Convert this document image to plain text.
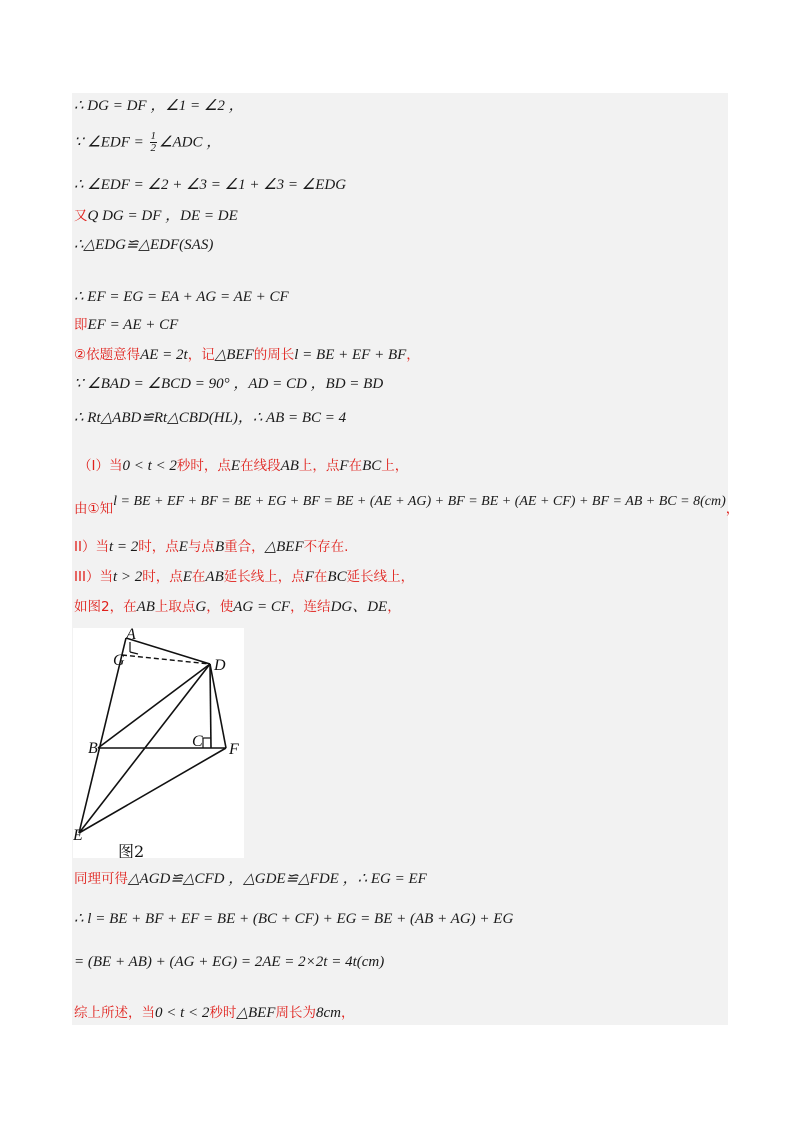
∴ DG = DF ，∠1 = ∠2 ，
∵ ∠EDF = $\frac{1}{2}$ ∠ADC ，
∴ ∠EDF = ∠2 + ∠3 = ∠1 + ∠3 = ∠EDG
又Q DG = DF ，DE = DE
∴△EDG≌△EDF(SAS)
∴ EF = EG = EA + AG = AE + CF
即EF = AE + CF
②依题意得AE = 2t，记△BEF的周长l = BE + EF + BF，
∵ ∠BAD = ∠BCD = 90° ，AD = CD ，BD = BD
∴ Rt△ABD≌Rt△CBD(HL)，∴ AB = BC = 4
（I）当0 < t < 2秒时，点E在线段AB上，点F在BC上，
由①知l = BE + EF + BF = BE + EG + BF = BE + (AE + AG) + BF = BE + (AE + CF) + BF = AB + BC = 8(cm)，
II）当t = 2时，点E与点B重合，△BEF不存在.
III）当t > 2时，点E在AB延长线上，点F在BC延长线上，
如图2，在AB上取点G，使AG = CF，连结DG、DE，
A
G	D
B	C F
E
图2
同理可得△AGD≌△CFD ，△GDE≌△FDE ，∴ EG = EF
∴ l = BE + BF + EF = BE + (BC + CF) + EG = BE + (AB + AG) + EG
= (BE + AB) + (AG + EG) = 2AE = 2×2t = 4t(cm)
综上所述，当0 < t < 2秒时△BEF周长为8cm，
